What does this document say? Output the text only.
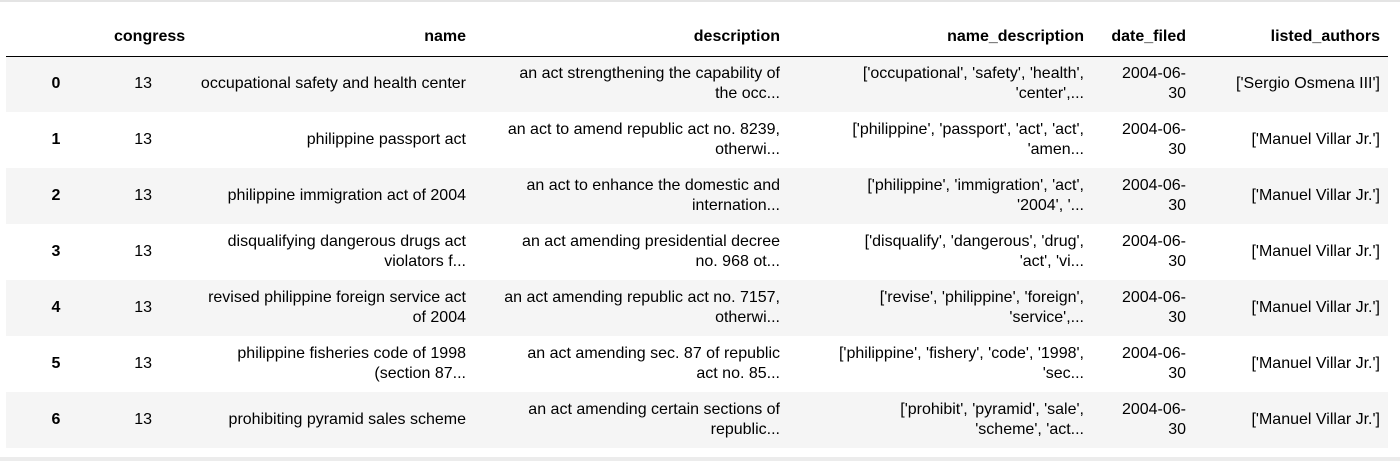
	congress	name	description	name_description	date_filed	listed_authors
0	13	occupational safety and health center	an act strengthening the capability of
the occ...	['occupational', 'safety', 'health',
'center',...	2004-06-
30	['Sergio Osmena III']

1	13	philippine passport act	an act to amend republic act no. 8239,
otherwi...	['philippine', 'passport', 'act', 'act',
'amen...	2004-06-
30	['Manuel Villar Jr.']

2	13	philippine immigration act of 2004	an act to enhance the domestic and
internation...	['philippine', 'immigration', 'act',
'2004', '...	2004-06-
30	['Manuel Villar Jr.']

3	13	disqualifying dangerous drugs act
violators f...	an act amending presidential decree
no. 968 ot...	['disqualify', 'dangerous', 'drug',
'act', 'vi...	2004-06-
30	['Manuel Villar Jr.']

4	13	revised philippine foreign service act
of 2004	an act amending republic act no. 7157,
otherwi...	['revise', 'philippine', 'foreign',
'service',...	2004-06-
30	['Manuel Villar Jr.']

5	13	philippine fisheries code of 1998
(section 87...	an act amending sec. 87 of republic
act no. 85...	['philippine', 'fishery', 'code', '1998',
'sec...	2004-06-
30	['Manuel Villar Jr.']

6	13	prohibiting pyramid sales scheme	an act amending certain sections of
republic...	['prohibit', 'pyramid', 'sale',
'scheme', 'act...	2004-06-
30	['Manuel Villar Jr.']
